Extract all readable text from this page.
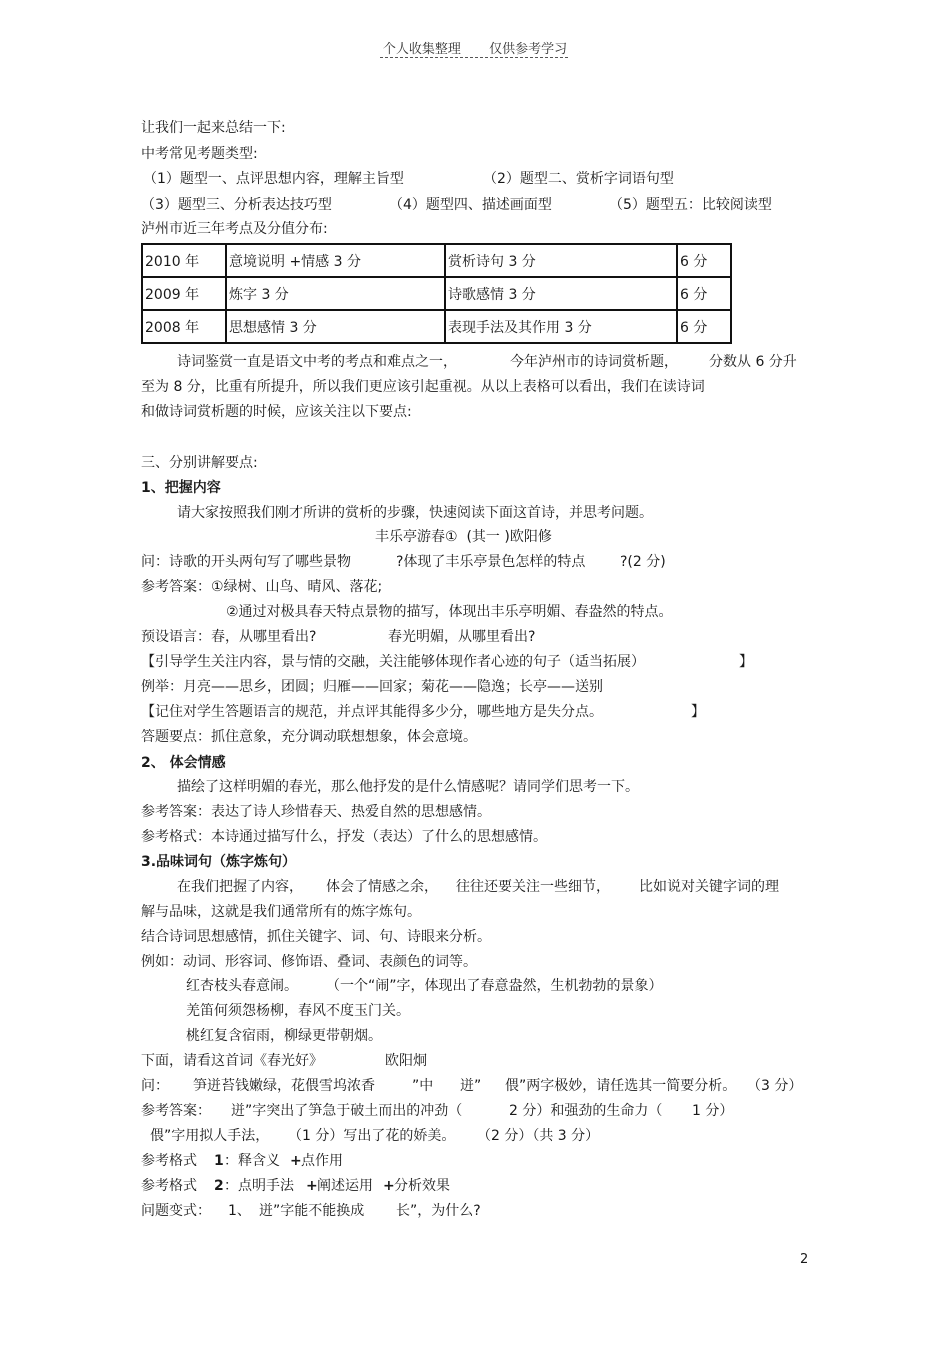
个人收集整理 仅供参考学习
让我们一起来总结一下:
中考常见考题类型:
（1）题型一、点评思想内容，理解主旨型	（2）题型二、赏析字词语句型
（3）题型三、分析表达技巧型	（4）题型四、描述画面型	（5）题型五：比较阅读型
泸州市近三年考点及分值分布:
2010 年	意境说明 +情感 3 分	赏析诗句 3 分	6 分
2009 年	炼字 3 分	诗歌感情 3 分	6 分
2008 年	思想感情 3 分	表现手法及其作用 3 分	6 分
诗词鉴赏一直是语文中考的考点和难点之一，	今年泸州市的诗词赏析题， 分数从 6 分升
至为 8 分，比重有所提升，所以我们更应该引起重视。从以上表格可以看出，我们在读诗词
和做诗词赏析题的时候，应该关注以下要点:
三、分别讲解要点:
1、把握内容
请大家按照我们刚才所讲的赏析的步骤，快速阅读下面这首诗，并思考问题。
丰乐亭游春①  (其一 )欧阳修
问：诗歌的开头两句写了哪些景物	?体现了丰乐亭景色怎样的特点 ?(2 分)
参考答案：①绿树、山鸟、晴风、落花;
②通过对极具春天特点景物的描写，体现出丰乐亭明媚、春盎然的特点。
预设语言：春，从哪里看出?	春光明媚，从哪里看出?
【引导学生关注内容，景与情的交融，关注能够体现作者心迹的句子（适当拓展）	】
例举：月亮——思乡，团圆；归雁——回家；菊花——隐逸；长亭——送别
【记住对学生答题语言的规范，并点评其能得多少分，哪些地方是失分点。	】
答题要点：抓住意象，充分调动联想想象，体会意境。
2、 体会情感
描绘了这样明媚的春光，那么他抒发的是什么情感呢？请同学们思考一下。
参考答案：表达了诗人珍惜春天、热爱自然的思想感情。
参考格式：本诗通过描写什么，抒发（表达）了什么的思想感情。
3.品味词句（炼字炼句）
在我们把握了内容， 体会了情感之余， 往往还要关注一些细节， 比如说对关键字词的理
解与品味，这就是我们通常所有的炼字炼句。
结合诗词思想感情，抓住关键字、词、句、诗眼来分析。
例如：动词、形容词、修饰语、叠词、表颜色的词等。
红杏枝头春意闹。 （一个“闹”字，体现出了春意盎然，生机勃勃的景象）
羌笛何须怨杨柳，春风不度玉门关。
桃红复含宿雨，柳绿更带朝烟。
下面，请看这首词《春光好》	欧阳炯
问： 笋迸苔钱嫩绿，花偎雪坞浓香	”中 迸” 偎”两字极妙，请任选其一简要分析。 （3 分）
参考答案： 迸”字突出了笋急于破土而出的冲劲（	2 分）和强劲的生命力（ 1 分）
偎”字用拟人手法， （1 分）写出了花的娇美。 （2 分）（共 3 分）
参考格式 1 ：释含义 + 点作用
参考格式 2 ：点明手法 + 阐述运用 + 分析效果
问题变式： 1、 迸”字能不能换成 长”，为什么?
2
